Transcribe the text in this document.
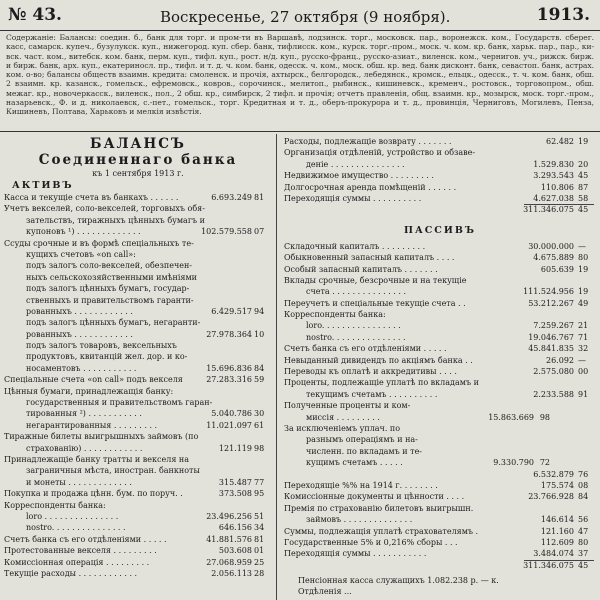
№ 43.	Воскресенье, 27 октября (9 ноября).	1913.
Содержаніе: Балансы: соедин. б., банк для торг. и пром-ти въ Варшавѣ, лодзинск. торг., московск. пар., воронежск. ком., Государств. сберег. касс, самарск. купеч., бузулукск. куп., нижегород. куп. сбер. банк, тифлисск. ком., курск. торг.-пром., моск. ч. ком. кр. банк, харьк. пар., пар., ки-вск. част. ком., витебск. ком. банк, перм. куп., тифл. куп., рост. н/д. куп., русско-франц., русско-азиат., виленск. ком., чернигов. уч., рижск. бирж. и бирж. банк, арх. куп., екатериносл. пр., тифл. и т. д. ч. ком. банк, одесск. ч. ком., моск. обш. кр. вед. банк дисконт. банк, севастоп. банк, астрах. ком. о-во; балансы обществ взаимн. кредита: смоленск. и прочія, ахтырск., белгородск., лебедянск., кромск., ельцк., одесск., т. ч. ком. банк, обш. 2 взаимн. кр. казанск., гомельск., ефремовск., ковров., сорочинск., мелитоп., рыбинск., кишиневск., кременч., ростовск., торговопром., обш. межаг. кр., новочеркасск., виленск., пол., 2 обш. кр., симбирск, 2 тифл. и прочія; отчетъ правленія, общ. взаимн. кр., мозырск, моск. торг.-пром., назарьевск., Ф. и д. николаевск, с.-пет., гомельск., торг. Кредитная и т. д., оберъ-прокурора и т. д., провинція, Черниговъ, Могилевъ, Пенза, Кишиневъ, Полтава, Харьковъ и мелкія извѣстія.
БАЛАНСЪ
Соединеннаго банка
къ 1 сентября 1913 г.
АКТИВЪ
Касса и текущіе счета въ банкахъ . . . . . .	6.693.249 81
Учетъ векселей, соло-векселей, торговыхъ обя-
зательствъ, тиражныхъ цѣнныхъ бумагъ и
купоновъ ¹) . . . . . . . . . . . . .	102.579.558 07
Ссуды срочные и въ формѣ спеціальныхъ те-
кущихъ счетовъ «on call»:
подъ залогъ соло-векселей, обезпечен-
ныхъ сельскохозяйственными имѣніями
подъ залогъ цѣнныхъ бумагъ, государ-
ственныхъ и правительствомъ гаранти-
рованныхъ . . . . . . . . . . . .	6.429.517 94
подъ залогъ цѣнныхъ бумагъ, негаранти-
рованныхъ . . . . . . . . . . . .	27.978.364 10
подъ залогъ товаровъ, вексельныхъ
продуктовъ, квитанцій жел. дор. и ко-
носаментовъ . . . . . . . . . . .	15.696.836 84
Спеціальные счета «on call» подъ векселя	27.283.316 59
Цѣнныя бумаги, принадлежащія банку:
государственныя и правительствомъ гаран-
тированныя ²) . . . . . . . . . . .	5.040.786 30
негарантированныя . . . . . . . . .	11.021.097 61
Тиражные билеты выигрышныхъ займовъ (по
страхованію) . . . . . . . . . . . .	121.119 98
Принадлежащіе банку тратты и векселя на
заграничныя мѣста, иностран. банкноты
и монеты . . . . . . . . . . . . .	315.487 77
Покупка и продажа цѣнн. бум. по поруч. .	373.508 95
Корреспонденты банка:
loro . . . . . . . . . . . . . . .	23.496.256 51
nostro. . . . . . . . . . . . . . .	646.156 34
Счетъ банка съ его отдѣленіями . . . . .	41.881.576 81
Протестованные векселя . . . . . . . . .	503.608 01
Комиссіонная операція . . . . . . . . .	27.068.959 25
Текущіе расходы . . . . . . . . . . . .	2.056.113 28
Расходы, подлежащіе возврату . . . . . . .	62.482 19
Организація отдѣленій, устройство и обзаве-
деніе . . . . . . . . . . . . . . .	1.529.830 20
Недвижимое имущество . . . . . . . . .	3.293.543 45
Долгосрочная аренда помѣщеній . . . . . .	110.806 87
Переходящія суммы . . . . . . . . . .	4.627.038 58
311.346.075 45
ПАССИВЪ
Складочный капиталъ . . . . . . . . .	30.000.000 —
Обыкновенный запасный капиталъ . . . .	4.675.889 80
Особый запасный капиталъ . . . . . . .	605.639 19
Вклады срочные, безсрочные и на текущіе
счета . . . . . . . . . . . . . . .	111.524.956 19
Переучетъ и спеціальные текущіе счета . .	53.212.267 49
Корреспонденты банка:
loro. . . . . . . . . . . . . . . .	7.259.267 21
nostro. . . . . . . . . . . . . . .	19.046.767 71
Счетъ банка съ его отдѣленіями . . . . .	45.841.835 32
Невыданный дивидендъ по акціямъ банка . .	26.092 —
Переводы къ оплатѣ и аккредитивы . . . .	2.575.080 00
Проценты, подлежащіе уплатѣ по вкладамъ и
текущимъ счетамъ . . . . . . . . . .	2.233.588 91
Полученные проценты и ком-
миссія . . . . . . . . .	15.863.669 98
За исключеніемъ уплач. по
разнымъ операціямъ и на-
численн. по вкладамъ и те-
кущимъ счетамъ . . . . .	9.330.790 72
6.532.879 76
Переходящіе %% на 1914 г. . . . . . . .	175.574 08
Комиссіонные документы и цѣнности . . . .	23.766.928 84
Премія по страхованію билетовъ выигрышн.
займовъ . . . . . . . . . . . . . .	146.614 56
Суммы, подлежащія уплатѣ страхователямъ .	121.160 47
Государственные 5% и 0,216% сборы . . .	112.609 80
Переходящія суммы . . . . . . . . . . .	3.484.074 37
311.346.075 45
Пенсіонная касса служащихъ 1.082.238 р. — к.
Отдѣленія ...
